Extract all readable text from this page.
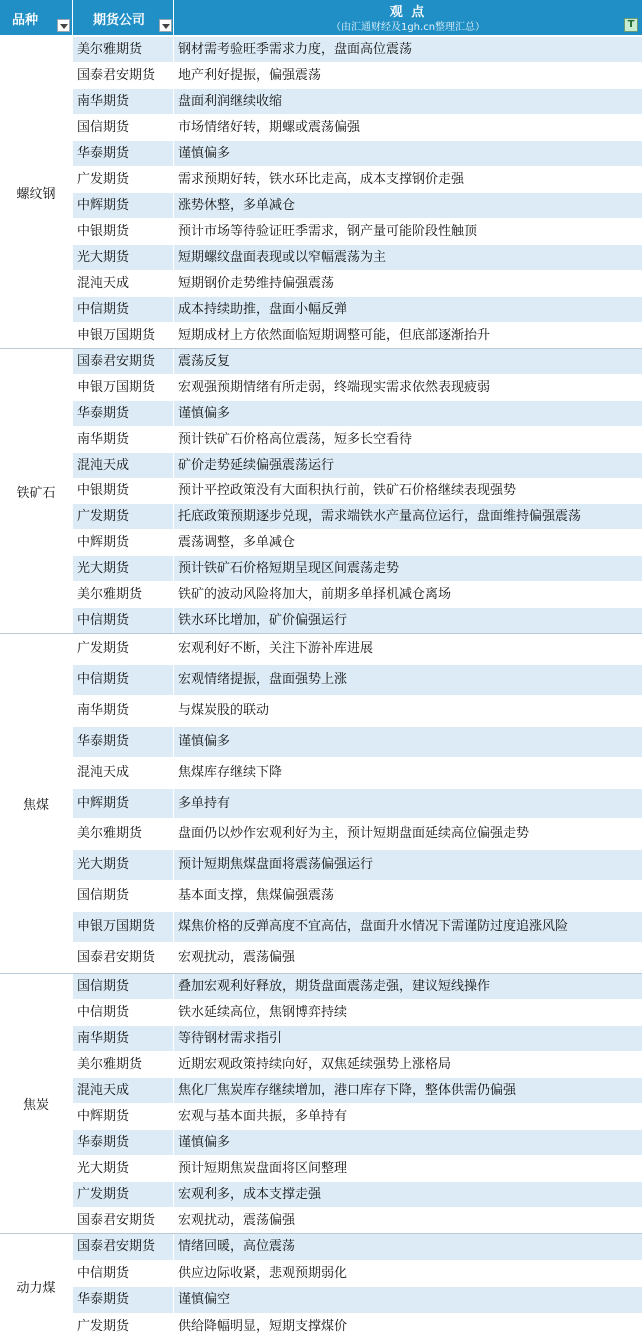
品种	期货公司
观 点
（由汇通财经及1gh.cn整理汇总）	T
螺纹钢
美尔雅期货	钢材需考验旺季需求力度，盘面高位震荡
国泰君安期货	地产利好提振，偏强震荡
南华期货	盘面利润继续收缩
国信期货	市场情绪好转，期螺或震荡偏强
华泰期货	谨慎偏多
广发期货	需求预期好转，铁水环比走高，成本支撑钢价走强
中辉期货	涨势休整，多单减仓
中银期货	预计市场等待验证旺季需求，钢产量可能阶段性触顶
光大期货	短期螺纹盘面表现或以窄幅震荡为主
混沌天成	短期钢价走势维持偏强震荡
中信期货	成本持续助推，盘面小幅反弹
申银万国期货	短期成材上方依然面临短期调整可能，但底部逐渐抬升
铁矿石
国泰君安期货	震荡反复
申银万国期货	宏观强预期情绪有所走弱，终端现实需求依然表现疲弱
华泰期货	谨慎偏多
南华期货	预计铁矿石价格高位震荡，短多长空看待
混沌天成	矿价走势延续偏强震荡运行
中银期货	预计平控政策没有大面积执行前，铁矿石价格继续表现强势
广发期货	托底政策预期逐步兑现，需求端铁水产量高位运行，盘面维持偏强震荡
中辉期货	震荡调整，多单减仓
光大期货	预计铁矿石价格短期呈现区间震荡走势
美尔雅期货	铁矿的波动风险将加大，前期多单择机减仓离场
中信期货	铁水环比增加，矿价偏强运行
焦煤
广发期货	宏观利好不断，关注下游补库进展
中信期货	宏观情绪提振，盘面强势上涨
南华期货	与煤炭股的联动
华泰期货	谨慎偏多
混沌天成	焦煤库存继续下降
中辉期货	多单持有
美尔雅期货	盘面仍以炒作宏观利好为主，预计短期盘面延续高位偏强走势
光大期货	预计短期焦煤盘面将震荡偏强运行
国信期货	基本面支撑，焦煤偏强震荡
申银万国期货	煤焦价格的反弹高度不宜高估，盘面升水情况下需谨防过度追涨风险
国泰君安期货	宏观扰动，震荡偏强
焦炭
国信期货	叠加宏观利好释放，期货盘面震荡走强，建议短线操作
中信期货	铁水延续高位，焦钢博弈持续
南华期货	等待钢材需求指引
美尔雅期货	近期宏观政策持续向好，双焦延续强势上涨格局
混沌天成	焦化厂焦炭库存继续增加，港口库存下降，整体供需仍偏强
中辉期货	宏观与基本面共振，多单持有
华泰期货	谨慎偏多
光大期货	预计短期焦炭盘面将区间整理
广发期货	宏观利多，成本支撑走强
国泰君安期货	宏观扰动，震荡偏强
动力煤
国泰君安期货	情绪回暖，高位震荡
中信期货	供应边际收紧，悲观预期弱化
华泰期货	谨慎偏空
广发期货	供给降幅明显，短期支撑煤价
